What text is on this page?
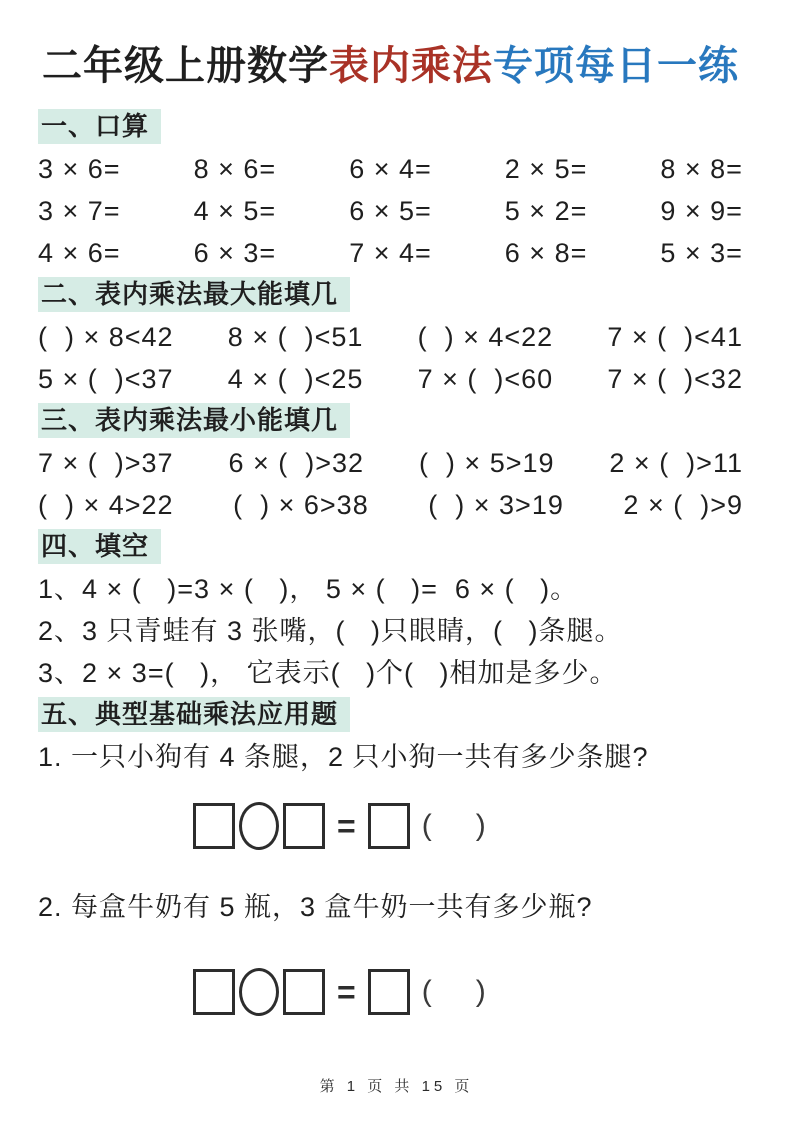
二年级上册数学表内乘法专项每日一练
一、口算
3 × 6=	8 × 6=	6 × 4=	2 × 5=	8 × 8=
3 × 7=	4 × 5=	6 × 5=	5 × 2=	9 × 9=
4 × 6=	6 × 3=	7 × 4=	6 × 8=	5 × 3=
二、表内乘法最大能填几
(  ) × 8<42 8 × (  )<51 (  ) × 4<22 7 × (  )<41
5 × (  )<37 4 × (  )<25 7 × (  )<60 7 × (  )<32
三、表内乘法最小能填几
7 × (  )>37 6 × (  )>32 (  ) × 5>19 2 × (  )>11
(  ) × 4>22 (  ) × 6>38 (  ) × 3>19 2 × (  )>9
四、填空
1、4 × (   )=3 × (   )， 5 × (   )=  6 × (   )。
2、3 只青蛙有 3 张嘴，(   )只眼睛，(   )条腿。
3、2 × 3=(   )， 它表示(   )个(   )相加是多少。
五、典型基础乘法应用题
1. 一只小狗有 4 条腿，2 只小狗一共有多少条腿?
= ( )
2. 每盒牛奶有 5 瓶，3 盒牛奶一共有多少瓶?
= ( )
第 1 页 共 15 页
